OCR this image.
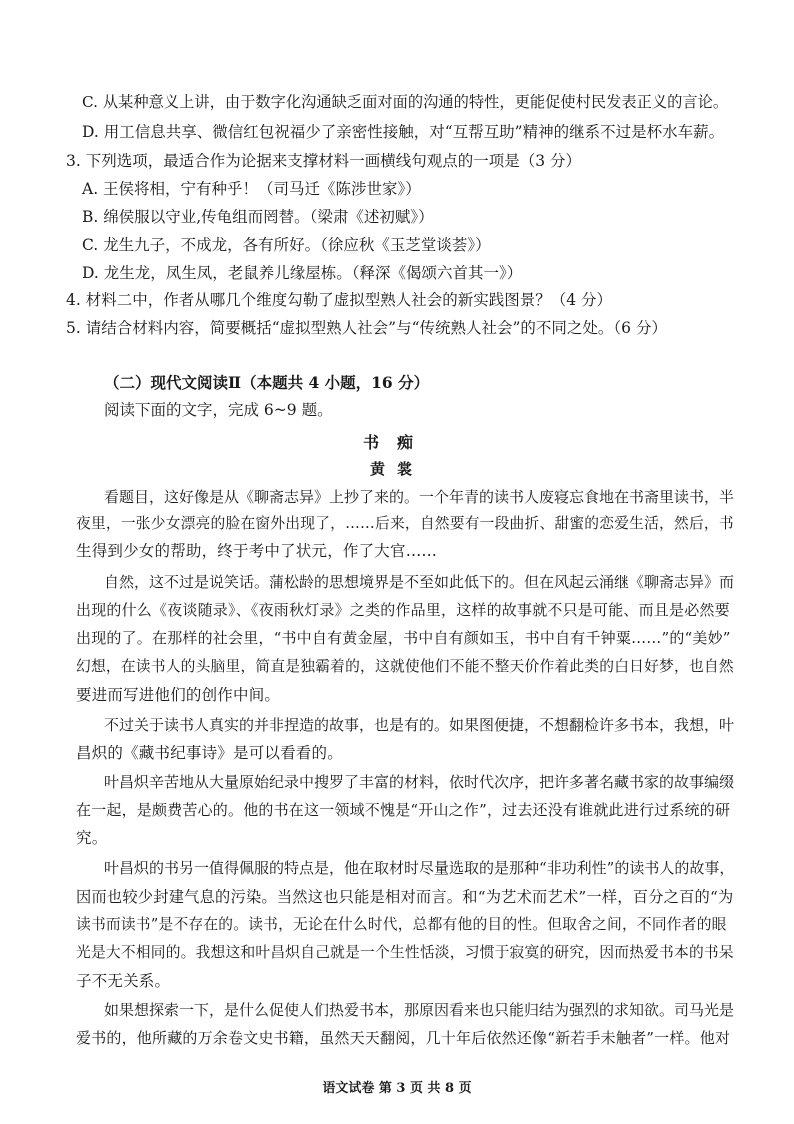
C. 从某种意义上讲，由于数字化沟通缺乏面对面的沟通的特性，更能促使村民发表正义的言论。
D. 用工信息共享、微信红包祝福少了亲密性接触，对“互帮互助”精神的继系不过是杯水车薪。
3. 下列选项，最适合作为论据来支撑材料一画横线句观点的一项是（3 分）
A. 王侯将相，宁有种乎！（司马迁《陈涉世家》）
B. 绵侯服以守业,传龟组而罔替。（梁肃《述初赋》）
C. 龙生九子，不成龙，各有所好。（徐应秋《玉芝堂谈荟》）
D. 龙生龙，凤生凤，老鼠养儿缘屋栋。（释深《偈颂六首其一》）
4. 材料二中，作者从哪几个维度勾勒了虚拟型熟人社会的新实践图景？（4 分）
5. 请结合材料内容，简要概括“虚拟型熟人社会”与“传统熟人社会”的不同之处。（6 分）
（二）现代文阅读Ⅱ（本题共 4 小题，16 分）
阅读下面的文字，完成 6~9 题。
书痴
黄裳
看题目，这好像是从《聊斋志异》上抄了来的。一个年青的读书人废寝忘食地在书斋里读书，半
夜里，一张少女漂亮的脸在窗外出现了，……后来，自然要有一段曲折、甜蜜的恋爱生活，然后，书
生得到少女的帮助，终于考中了状元，作了大官……
自然，这不过是说笑话。蒲松龄的思想境界是不至如此低下的。但在风起云涌继《聊斋志异》而
出现的什么《夜谈随录》、《夜雨秋灯录》之类的作品里，这样的故事就不只是可能、而且是必然要
出现的了。在那样的社会里，“书中自有黄金屋，书中自有颜如玉，书中自有千钟粟……”的“美妙”
幻想，在读书人的头脑里，简直是独霸着的，这就使他们不能不整天价作着此类的白日好梦，也自然
要进而写进他们的创作中间。
不过关于读书人真实的并非捏造的故事，也是有的。如果图便捷，不想翻检许多书本，我想，叶
昌炽的《藏书纪事诗》是可以看看的。
叶昌炽辛苦地从大量原始纪录中搜罗了丰富的材料，依时代次序，把许多著名藏书家的故事编缀
在一起，是颇费苦心的。他的书在这一领域不愧是“开山之作”，过去还没有谁就此进行过系统的研
究。
叶昌炽的书另一值得佩服的特点是，他在取材时尽量选取的是那种“非功利性”的读书人的故事，
因而也较少封建气息的污染。当然这也只能是相对而言。和“为艺术而艺术”一样，百分之百的“为
读书而读书”是不存在的。读书，无论在什么时代，总都有他的目的性。但取舍之间，不同作者的眼
光是大不相同的。我想这和叶昌炽自己就是一个生性恬淡，习惯于寂寞的研究，因而热爱书本的书呆
子不无关系。
如果想探索一下，是什么促使人们热爱书本，那原因看来也只能归结为强烈的求知欲。司马光是
爱书的，他所藏的万余卷文史书籍，虽然天天翻阅，几十年后依然还像“新若手未触者”一样。他对
语文试卷 第 3 页 共 8 页
